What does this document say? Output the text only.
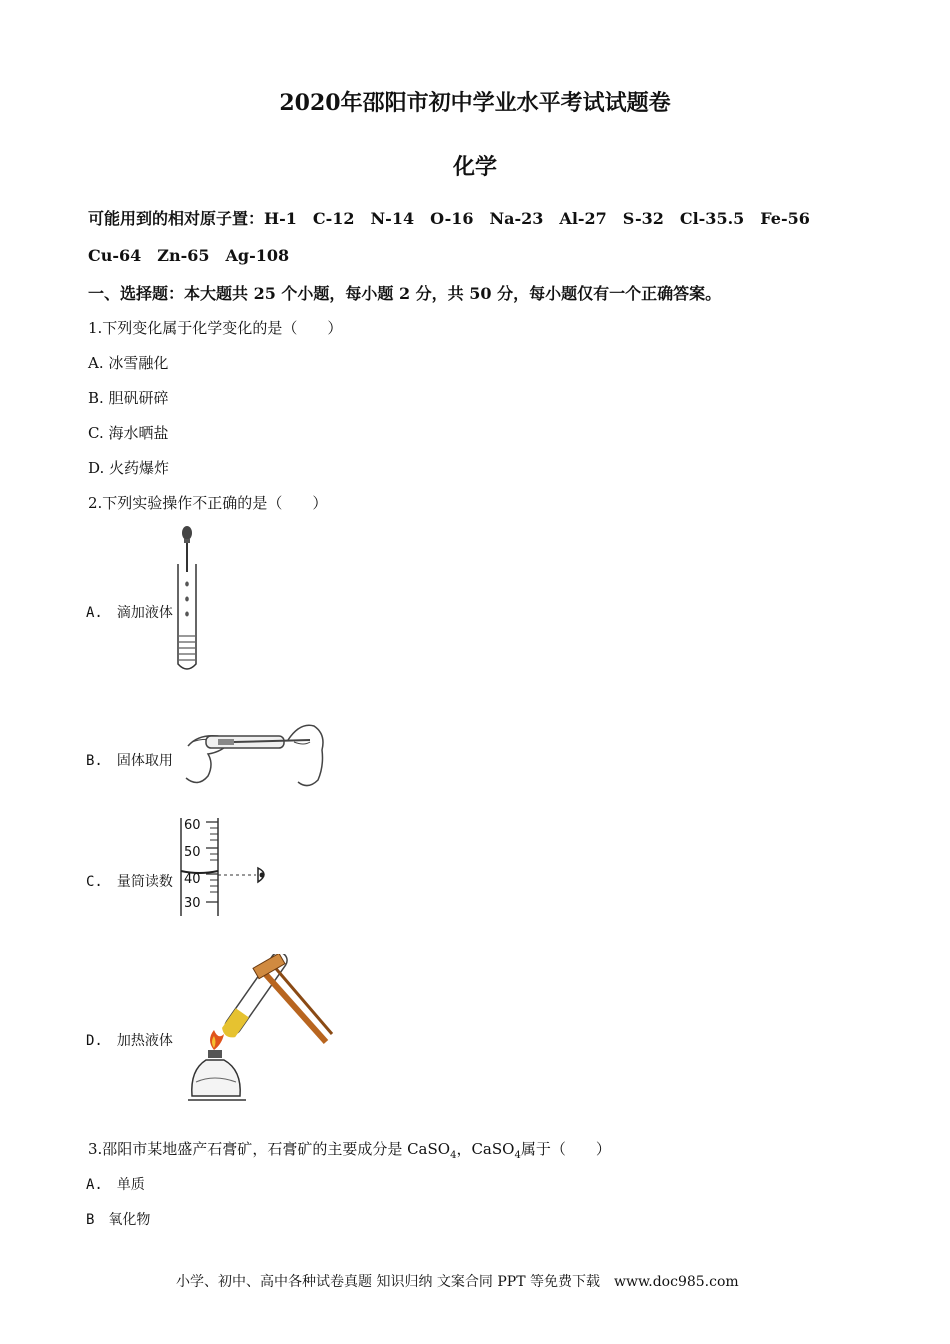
2020年邵阳市初中学业水平考试试题卷
化学
可能用到的相对原子置：H-1　C-12　N-14　O-16　Na-23　Al-27　S-32　Cl-35.5　Fe-56
Cu-64　Zn-65　Ag-108
一、选择题：本大题共 25 个小题，每小题 2 分，共 50 分，每小题仅有一个正确答案。
1.下列变化属于化学变化的是（　　）
A. 冰雪融化
B. 胆矾研碎
C. 海水晒盐
D. 火药爆炸
2.下列实验操作不正确的是（　　）
A.　滴加液体
B.　固体取用
C.　量筒读数
60
50
40
30
D.　加热液体
3.邵阳市某地盛产石膏矿，石膏矿的主要成分是 CaSO$_4$，CaSO$_4$属于（　　）
A.　单质
B　氧化物
小学、初中、高中各种试卷真题 知识归纳 文案合同 PPT 等免费下载　www.doc985.com
